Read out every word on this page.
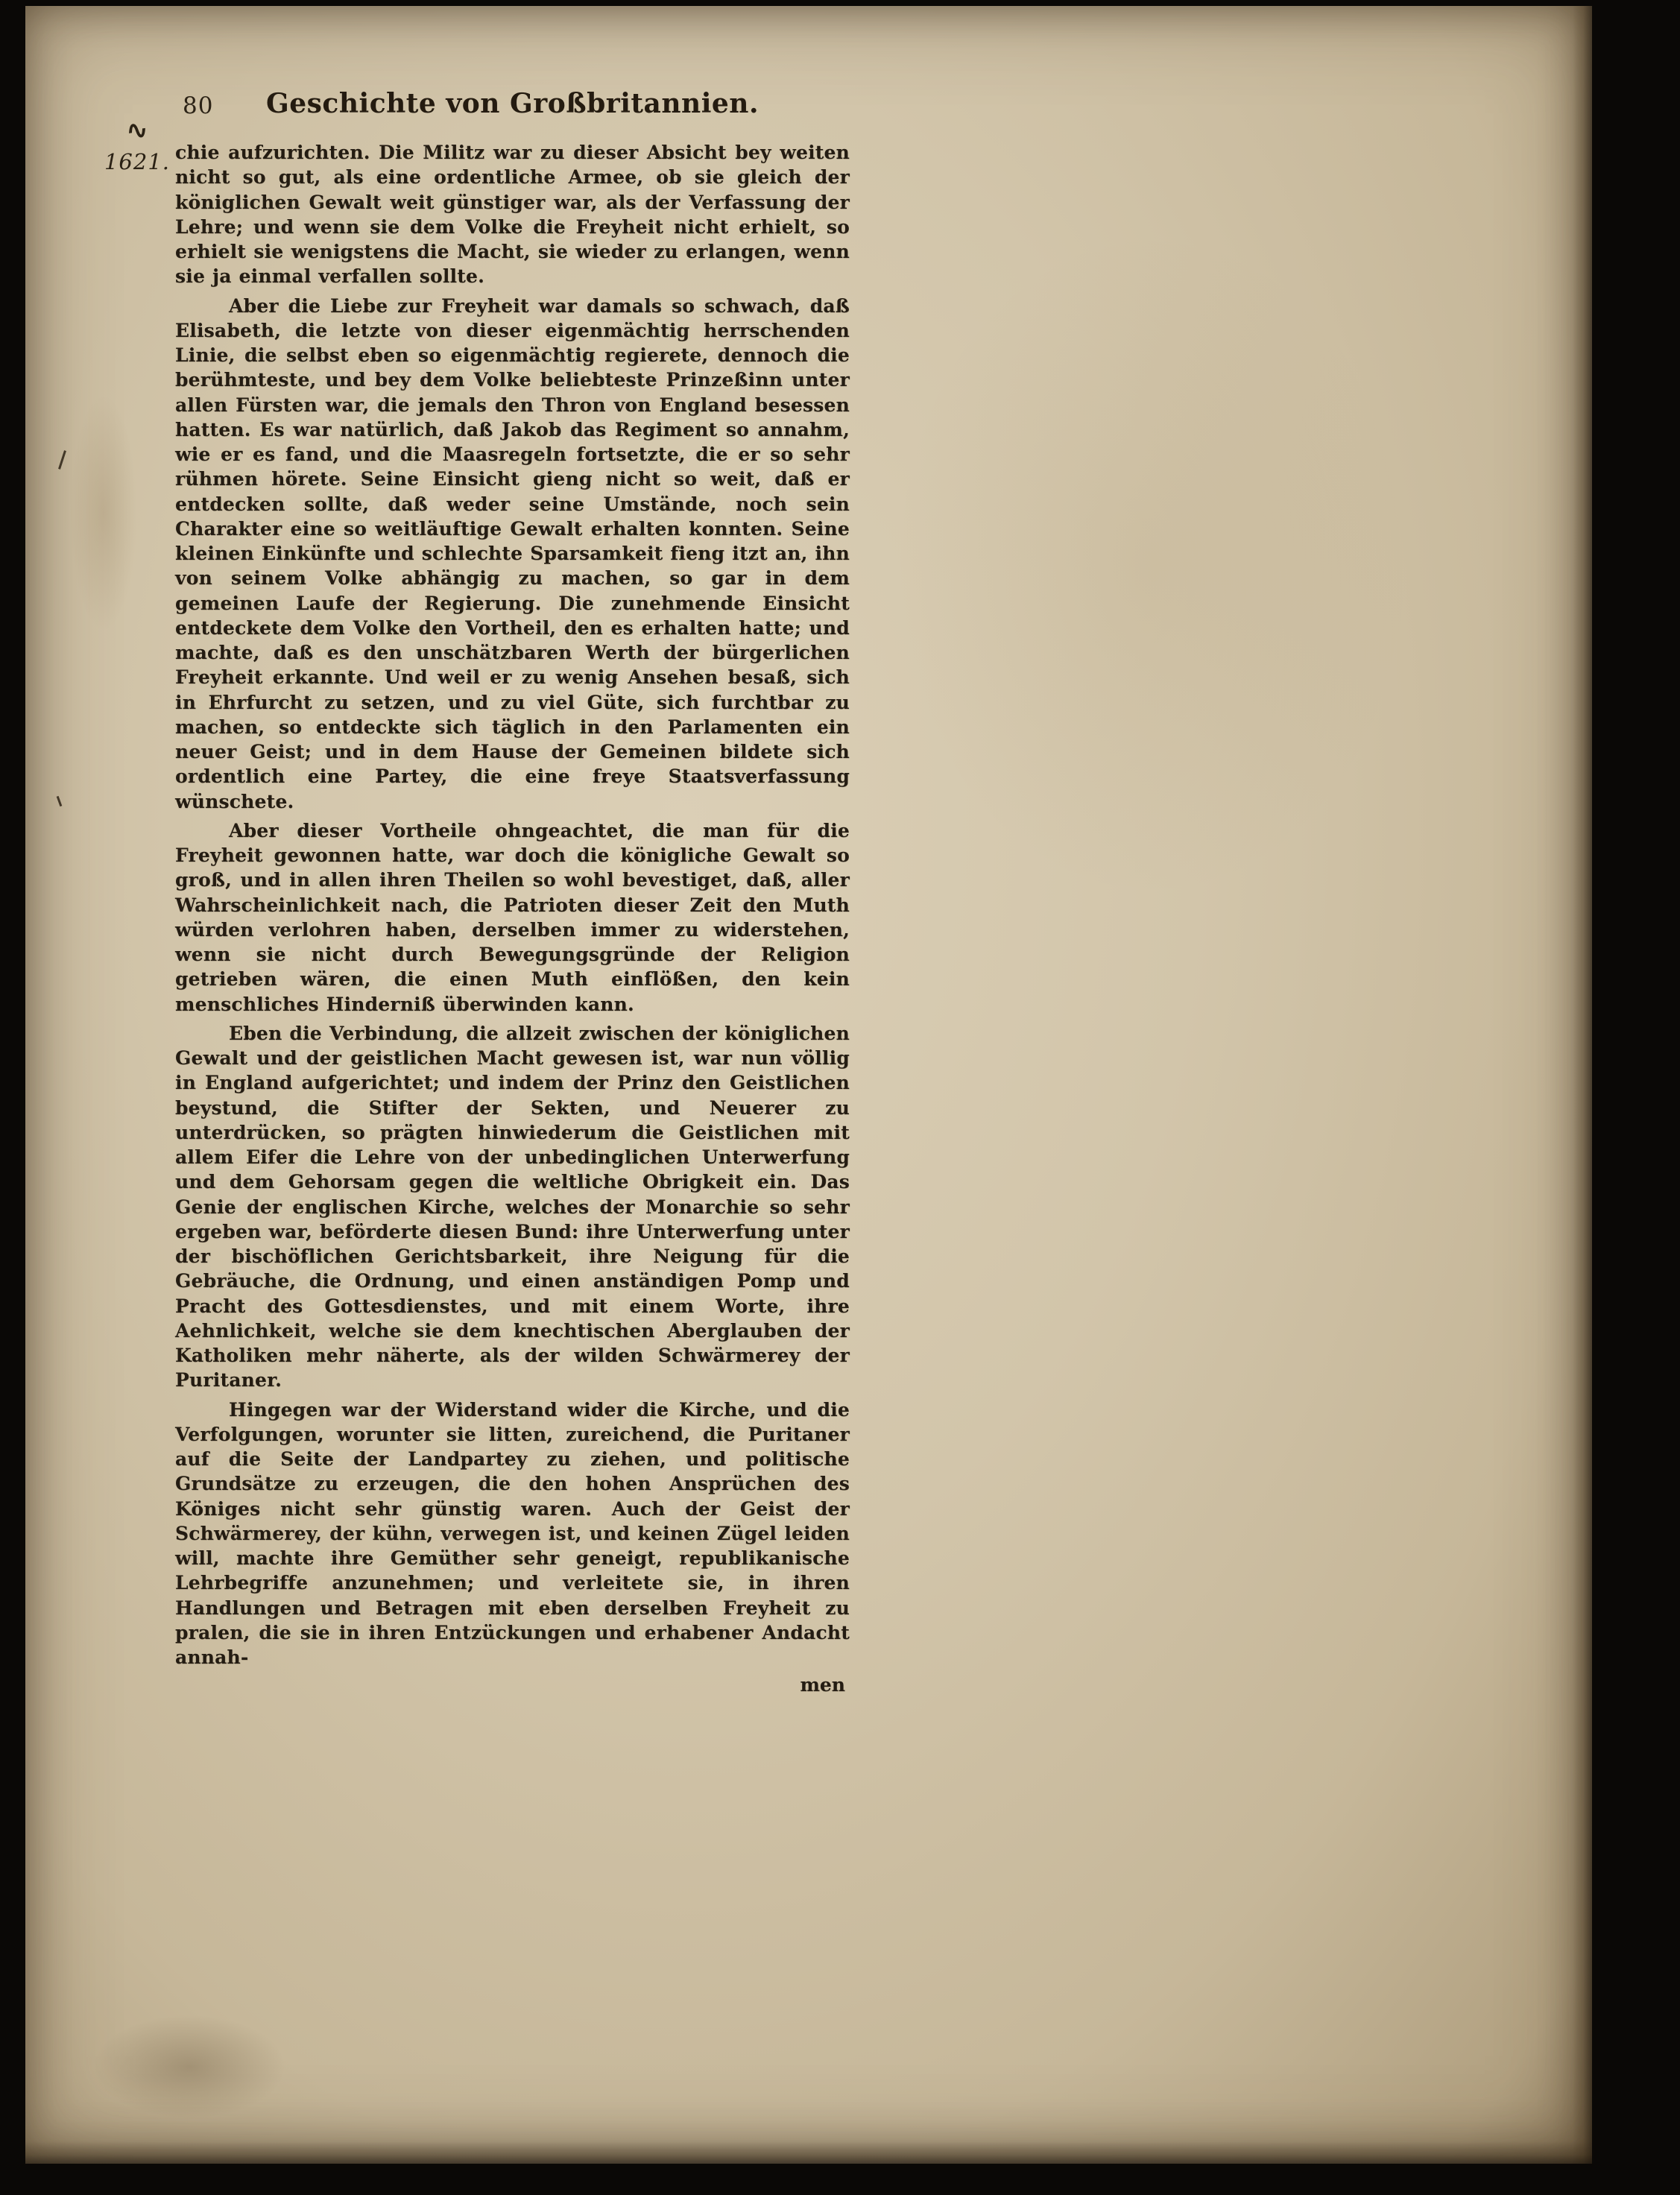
∿
1621.
80	Geschichte von Großbritannien.

chie aufzurichten. Die Militz war zu dieser Absicht bey weiten nicht so gut, als eine ordentliche Armee, ob sie gleich der königlichen Gewalt weit günstiger war, als der Verfassung der Lehre; und wenn sie dem Volke die Freyheit nicht erhielt, so erhielt sie wenigstens die Macht, sie wieder zu erlangen, wenn sie ja einmal verfallen sollte.

Aber die Liebe zur Freyheit war damals so schwach, daß Elisabeth, die letzte von dieser eigenmächtig herrschenden Linie, die selbst eben so eigenmächtig regierete, dennoch die berühmteste, und bey dem Volke beliebteste Prinzeßinn unter allen Fürsten war, die jemals den Thron von England besessen hatten. Es war natürlich, daß Jakob das Regiment so annahm, wie er es fand, und die Maasregeln fortsetzte, die er so sehr rühmen hörete. Seine Einsicht gieng nicht so weit, daß er entdecken sollte, daß weder seine Umstände, noch sein Charakter eine so weitläuftige Gewalt erhalten konnten. Seine kleinen Einkünfte und schlechte Sparsamkeit fieng itzt an, ihn von seinem Volke abhängig zu machen, so gar in dem gemeinen Laufe der Regierung. Die zunehmende Einsicht entdeckete dem Volke den Vortheil, den es erhalten hatte; und machte, daß es den unschätzbaren Werth der bürgerlichen Freyheit erkannte. Und weil er zu wenig Ansehen besaß, sich in Ehrfurcht zu setzen, und zu viel Güte, sich furchtbar zu machen, so entdeckte sich täglich in den Parlamenten ein neuer Geist; und in dem Hause der Gemeinen bildete sich ordentlich eine Partey, die eine freye Staatsverfassung wünschete.

Aber dieser Vortheile ohngeachtet, die man für die Freyheit gewonnen hatte, war doch die königliche Gewalt so groß, und in allen ihren Theilen so wohl bevestiget, daß, aller Wahrscheinlichkeit nach, die Patrioten dieser Zeit den Muth würden verlohren haben, derselben immer zu widerstehen, wenn sie nicht durch Bewegungsgründe der Religion getrieben wären, die einen Muth einflößen, den kein menschliches Hinderniß überwinden kann.

Eben die Verbindung, die allzeit zwischen der königlichen Gewalt und der geistlichen Macht gewesen ist, war nun völlig in England aufgerichtet; und indem der Prinz den Geistlichen beystund, die Stifter der Sekten, und Neuerer zu unterdrücken, so prägten hinwiederum die Geistlichen mit allem Eifer die Lehre von der unbedinglichen Unterwerfung und dem Gehorsam gegen die weltliche Obrigkeit ein. Das Genie der englischen Kirche, welches der Monarchie so sehr ergeben war, beförderte diesen Bund: ihre Unterwerfung unter der bischöflichen Gerichtsbarkeit, ihre Neigung für die Gebräuche, die Ordnung, und einen anständigen Pomp und Pracht des Gottesdienstes, und mit einem Worte, ihre Aehnlichkeit, welche sie dem knechtischen Aberglauben der Katholiken mehr näherte, als der wilden Schwärmerey der Puritaner.

Hingegen war der Widerstand wider die Kirche, und die Verfolgungen, worunter sie litten, zureichend, die Puritaner auf die Seite der Landpartey zu ziehen, und politische Grundsätze zu erzeugen, die den hohen Ansprüchen des Königes nicht sehr günstig waren. Auch der Geist der Schwärmerey, der kühn, verwegen ist, und keinen Zügel leiden will, machte ihre Gemüther sehr geneigt, republikanische Lehrbegriffe anzunehmen; und verleitete sie, in ihren Handlungen und Betragen mit eben derselben Freyheit zu pralen, die sie in ihren Entzückungen und erhabener Andacht annah-

men
